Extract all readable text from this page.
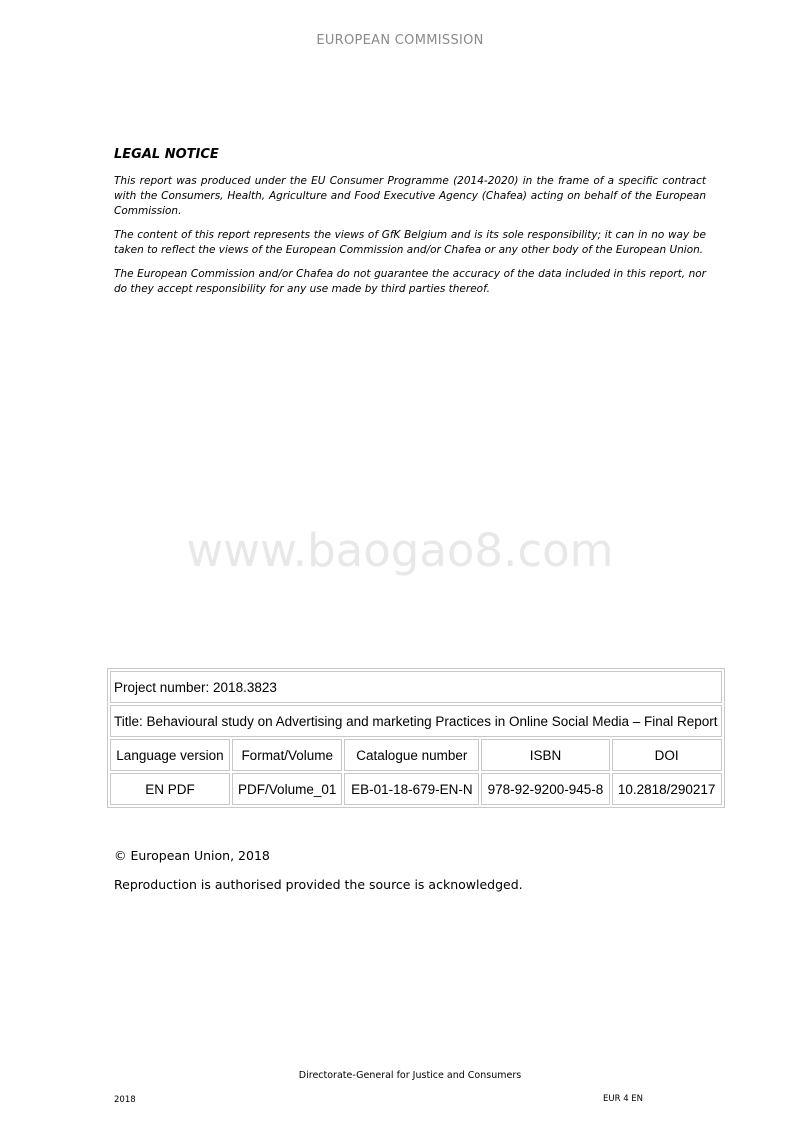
EUROPEAN COMMISSION
LEGAL NOTICE

This report was produced under the EU Consumer Programme (2014-2020) in the frame of a specific contract with the Consumers, Health, Agriculture and Food Executive Agency (Chafea) acting on behalf of the European Commission.

The content of this report represents the views of GfK Belgium and is its sole responsibility; it can in no way be taken to reflect the views of the European Commission and/or Chafea or any other body of the European Union.

The European Commission and/or Chafea do not guarantee the accuracy of the data included in this report, nor do they accept responsibility for any use made by third parties thereof.

www.baogao8.com
Project number: 2018.3823				
Title: Behavioural study on Advertising and marketing Practices in Online Social Media – Final Report				
Language version	Format/Volume	Catalogue number	ISBN	DOI
EN PDF	PDF/Volume_01	EB-01-18-679-EN-N	978-92-9200-945-8	10.2818/290217
© European Union, 2018
Reproduction is authorised provided the source is acknowledged.
Directorate-General for Justice and Consumers
2018	EUR 4 EN
